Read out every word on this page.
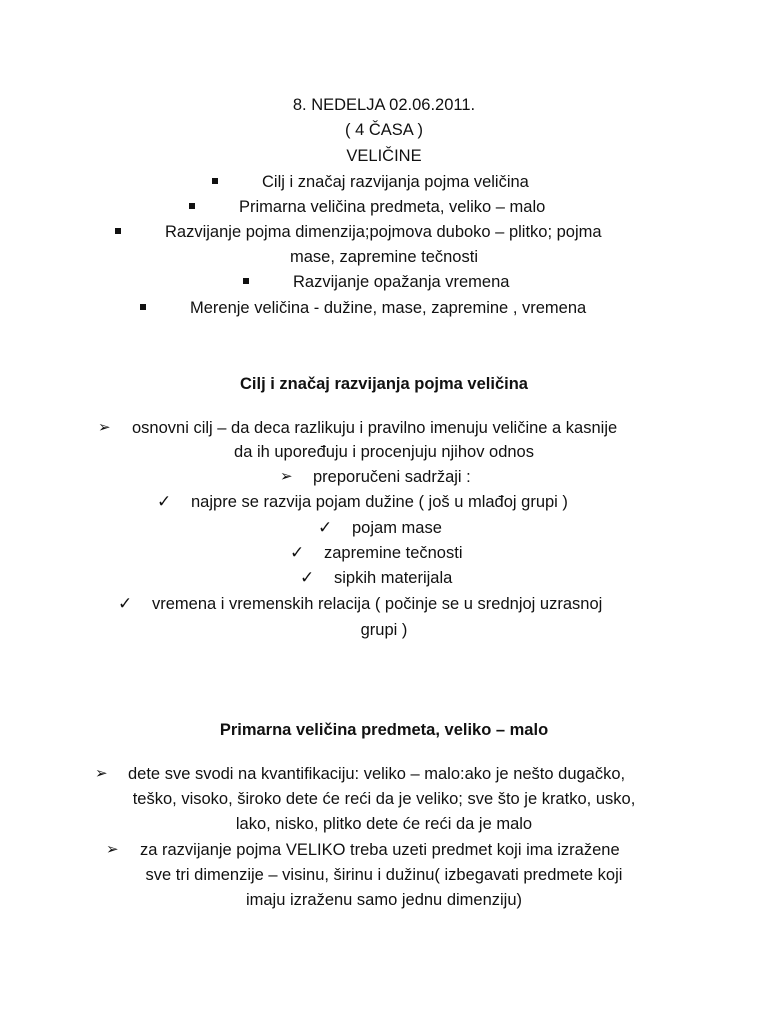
8. NEDELJA 02.06.2011.
( 4 ČASA )
VELIČINE
Cilj i značaj razvijanja pojma veličina
Primarna veličina predmeta, veliko – malo
Razvijanje pojma dimenzija;pojmova duboko – plitko; pojma
mase, zapremine tečnosti
Razvijanje opažanja vremena
Merenje veličina - dužine, mase, zapremine , vremena
Cilj i značaj razvijanja pojma veličina
➢ osnovni cilj – da deca razlikuju i pravilno imenuju veličine a kasnije
da ih upoređuju i procenjuju njihov odnos
➢ preporučeni sadržaji :
✓ najpre se razvija pojam dužine ( još u mlađoj grupi )
✓ pojam mase
✓ zapremine tečnosti
✓ sipkih materijala
✓ vremena i vremenskih relacija ( počinje se u srednjoj uzrasnoj
grupi )
Primarna veličina predmeta, veliko – malo
➢ dete sve svodi na kvantifikaciju: veliko – malo:ako je nešto dugačko,
teško, visoko, široko dete će reći da je veliko; sve što je kratko, usko,
lako, nisko, plitko dete će reći da je malo
➢ za razvijanje pojma VELIKO treba uzeti predmet koji ima izražene
sve tri dimenzije – visinu, širinu i dužinu( izbegavati predmete koji
imaju izraženu samo jednu dimenziju)
